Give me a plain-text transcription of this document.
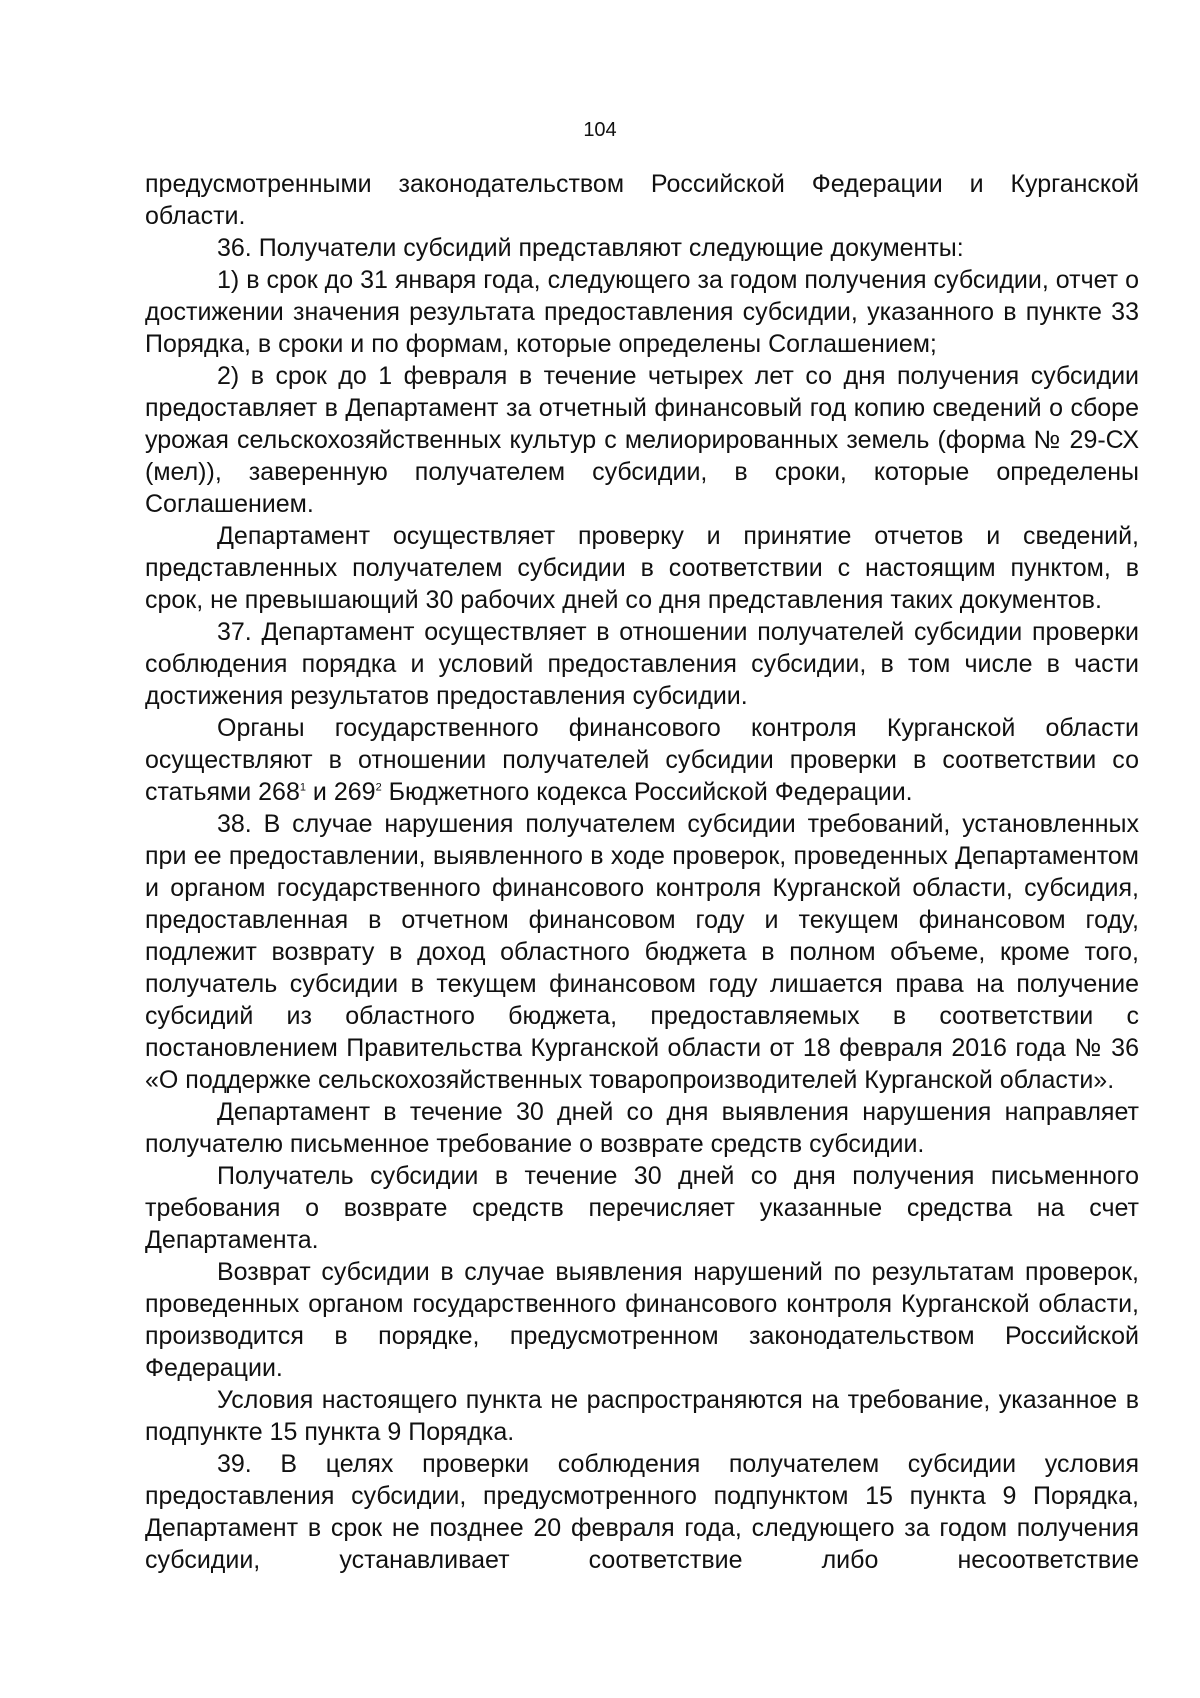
104

предусмотренными законодательством Российской Федерации и Курганской области.

36. Получатели субсидий представляют следующие документы:

1) в срок до 31 января года, следующего за годом получения субсидии, отчет о достижении значения результата предоставления субсидии, указанного в пункте 33 Порядка, в сроки и по формам, которые определены Соглашением;

2) в срок до 1 февраля в течение четырех лет со дня получения субсидии предоставляет в Департамент за отчетный финансовый год копию сведений о сборе урожая сельскохозяйственных культур с мелиорированных земель (форма № 29-СХ (мел)), заверенную получателем субсидии, в сроки, которые определены Соглашением.

Департамент осуществляет проверку и принятие отчетов и сведений, представленных получателем субсидии в соответствии с настоящим пунктом, в срок, не превышающий 30 рабочих дней со дня представления таких документов.

37. Департамент осуществляет в отношении получателей субсидии проверки соблюдения порядка и условий предоставления субсидии, в том числе в части достижения результатов предоставления субсидии.

Органы государственного финансового контроля Курганской области осуществляют в отношении получателей субсидии проверки в соответствии со статьями $268^1$ и $269^2$ Бюджетного кодекса Российской Федерации.

38. В случае нарушения получателем субсидии требований, установленных при ее предоставлении, выявленного в ходе проверок, проведенных Департаментом и органом государственного финансового контроля Курганской области, субсидия, предоставленная в отчетном финансовом году и текущем финансовом году, подлежит возврату в доход областного бюджета в полном объеме, кроме того, получатель субсидии в текущем финансовом году лишается права на получение субсидий из областного бюджета, предоставляемых в соответствии с постановлением Правительства Курганской области от 18 февраля 2016 года № 36 «О поддержке сельскохозяйственных товаропроизводителей Курганской области».

Департамент в течение 30 дней со дня выявления нарушения направляет получателю письменное требование о возврате средств субсидии.

Получатель субсидии в течение 30 дней со дня получения письменного требования о возврате средств перечисляет указанные средства на счет Департамента.

Возврат субсидии в случае выявления нарушений по результатам проверок, проведенных органом государственного финансового контроля Курганской области, производится в порядке, предусмотренном законодательством Российской Федерации.

Условия настоящего пункта не распространяются на требование, указанное в подпункте 15 пункта 9 Порядка.

39. В целях проверки соблюдения получателем субсидии условия предоставления субсидии, предусмотренного подпунктом 15 пункта 9 Порядка, Департамент в срок не позднее 20 февраля года, следующего за годом получения субсидии, устанавливает соответствие либо несоответствие
